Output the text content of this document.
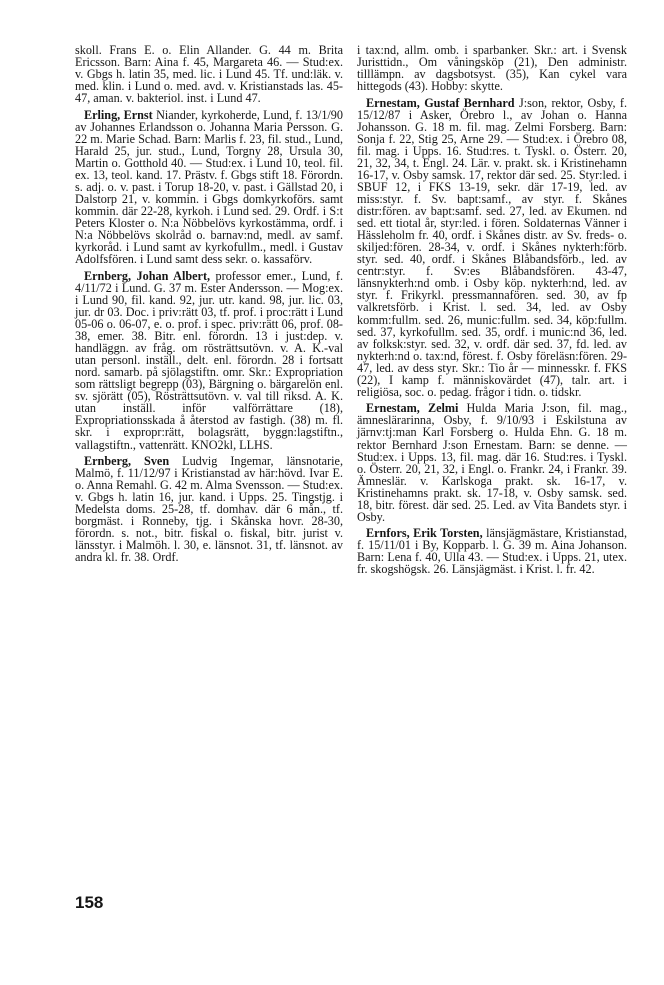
skoll. Frans E. o. Elin Allander. G. 44 m. Brita Ericsson. Barn: Aina f. 45, Margareta 46. — Stud:ex. v. Gbgs h. latin 35, med. lic. i Lund 45. Tf. und:läk. v. med. klin. i Lund o. med. avd. v. Kristianstads las. 45-47, aman. v. bakteriol. inst. i Lund 47.

Erling, Ernst Niander, kyrkoherde, Lund, f. 13/1/90 av Johannes Erlandsson o. Johanna Maria Persson. G. 22 m. Marie Schad. Barn: Marlis f. 23, fil. stud., Lund, Harald 25, jur. stud., Lund, Torgny 28, Ursula 30, Martin o. Gotthold 40. — Stud:ex. i Lund 10, teol. fil. ex. 13, teol. kand. 17. Prästv. f. Gbgs stift 18. Förordn. s. adj. o. v. past. i Torup 18-20, v. past. i Gällstad 20, i Dalstorp 21, v. kommin. i Gbgs domkyrkoförs. samt kommin. där 22-28, kyrkoh. i Lund sed. 29. Ordf. i S:t Peters Kloster o. N:a Nöbbelövs kyrkostämma, ordf. i N:a Nöbbelövs skolråd o. barnav:nd, medl. av samf. kyrkoråd. i Lund samt av kyrkofullm., medl. i Gustav Adolfsfören. i Lund samt dess sekr. o. kassaförv.

Ernberg, Johan Albert, professor emer., Lund, f. 4/11/72 i Lund. G. 37 m. Ester Andersson. — Mog:ex. i Lund 90, fil. kand. 92, jur. utr. kand. 98, jur. lic. 03, jur. dr 03. Doc. i priv:rätt 03, tf. prof. i proc:rätt i Lund 05-06 o. 06-07, e. o. prof. i spec. priv:rätt 06, prof. 08-38, emer. 38. Bitr. enl. förordn. 13 i just:dep. v. handläggn. av fråg. om rösträttsutövn. v. A. K.-val utan personl. inställ., delt. enl. förordn. 28 i fortsatt nord. samarb. på sjölagstiftn. omr. Skr.: Expropriation som rättsligt begrepp (03), Bärgning o. bärgarelön enl. sv. sjörätt (05), Rösträttsutövn. v. val till riksd. A. K. utan inställ. inför valförrättare (18), Expropriationsskada å återstod av fastigh. (38) m. fl. skr. i expropr:rätt, bolagsrätt, byggn:lagstiftn., vallagstiftn., vattenrätt. KNO2kl, LLHS.

Ernberg, Sven Ludvig Ingemar, länsnotarie, Malmö, f. 11/12/97 i Kristianstad av här:hövd. Ivar E. o. Anna Remahl. G. 42 m. Alma Svensson. — Stud:ex. v. Gbgs h. latin 16, jur. kand. i Upps. 25. Tingstjg. i Medelsta doms. 25-28, tf. domhav. där 6 mån., tf. borgmäst. i Ronneby, tjg. i Skånska hovr. 28-30, förordn. s. not., bitr. fiskal o. fiskal, bitr. jurist v. länsstyr. i Malmöh. l. 30, e. länsnot. 31, tf. länsnot. av andra kl. fr. 38. Ordf.

i tax:nd, allm. omb. i sparbanker. Skr.: art. i Svensk Juristtidn., Om våningsköp (21), Den administr. tilllämpn. av dagsbotsyst. (35), Kan cykel vara hittegods (43). Hobby: skytte.

Ernestam, Gustaf Bernhard J:son, rektor, Osby, f. 15/12/87 i Asker, Örebro l., av Johan o. Hanna Johansson. G. 18 m. fil. mag. Zelmi Forsberg. Barn: Sonja f. 22, Stig 25, Arne 29. — Stud:ex. i Örebro 08, fil. mag. i Upps. 16. Stud:res. t. Tyskl. o. Österr. 20, 21, 32, 34, t. Engl. 24. Lär. v. prakt. sk. i Kristinehamn 16-17, v. Osby samsk. 17, rektor där sed. 25. Styr:led. i SBUF 12, i FKS 13-19, sekr. där 17-19, led. av miss:styr. f. Sv. bapt:samf., av styr. f. Skånes distr:fören. av bapt:samf. sed. 27, led. av Ekumen. nd sed. ett tiotal år, styr:led. i fören. Soldaternas Vänner i Hässleholm fr. 40, ordf. i Skånes distr. av Sv. freds- o. skiljed:fören. 28-34, v. ordf. i Skånes nykterh:förb. styr. sed. 40, ordf. i Skånes Blåbandsförb., led. av centr:styr. f. Sv:es Blåbandsfören. 43-47, länsnykterh:nd omb. i Osby köp. nykterh:nd, led. av styr. f. Frikyrkl. pressmannafören. sed. 30, av fp valkretsförb. i Krist. l. sed. 34, led. av Osby komm:fullm. sed. 26, munic:fullm. sed. 34, köp:fullm. sed. 37, kyrkofullm. sed. 35, ordf. i munic:nd 36, led. av folksk:styr. sed. 32, v. ordf. där sed. 37, fd. led. av nykterh:nd o. tax:nd, förest. f. Osby föreläsn:fören. 29-47, led. av dess styr. Skr.: Tio år — minnesskr. f. FKS (22), I kamp f. människovärdet (47), talr. art. i religiösa, soc. o. pedag. frågor i tidn. o. tidskr.

Ernestam, Zelmi Hulda Maria J:son, fil. mag., ämneslärarinna, Osby, f. 9/10/93 i Eskilstuna av järnv:tj:man Karl Forsberg o. Hulda Ehn. G. 18 m. rektor Bernhard J:son Ernestam. Barn: se denne. — Stud:ex. i Upps. 13, fil. mag. där 16. Stud:res. i Tyskl. o. Österr. 20, 21, 32, i Engl. o. Frankr. 24, i Frankr. 39. Ämneslär. v. Karlskoga prakt. sk. 16-17, v. Kristinehamns prakt. sk. 17-18, v. Osby samsk. sed. 18, bitr. förest. där sed. 25. Led. av Vita Bandets styr. i Osby.

Ernfors, Erik Torsten, länsjägmästare, Kristianstad, f. 15/11/01 i By, Kopparb. l. G. 39 m. Aina Johanson. Barn: Lena f. 40, Ulla 43. — Stud:ex. i Upps. 21, utex. fr. skogshögsk. 26. Länsjägmäst. i Krist. l. fr. 42.

158
